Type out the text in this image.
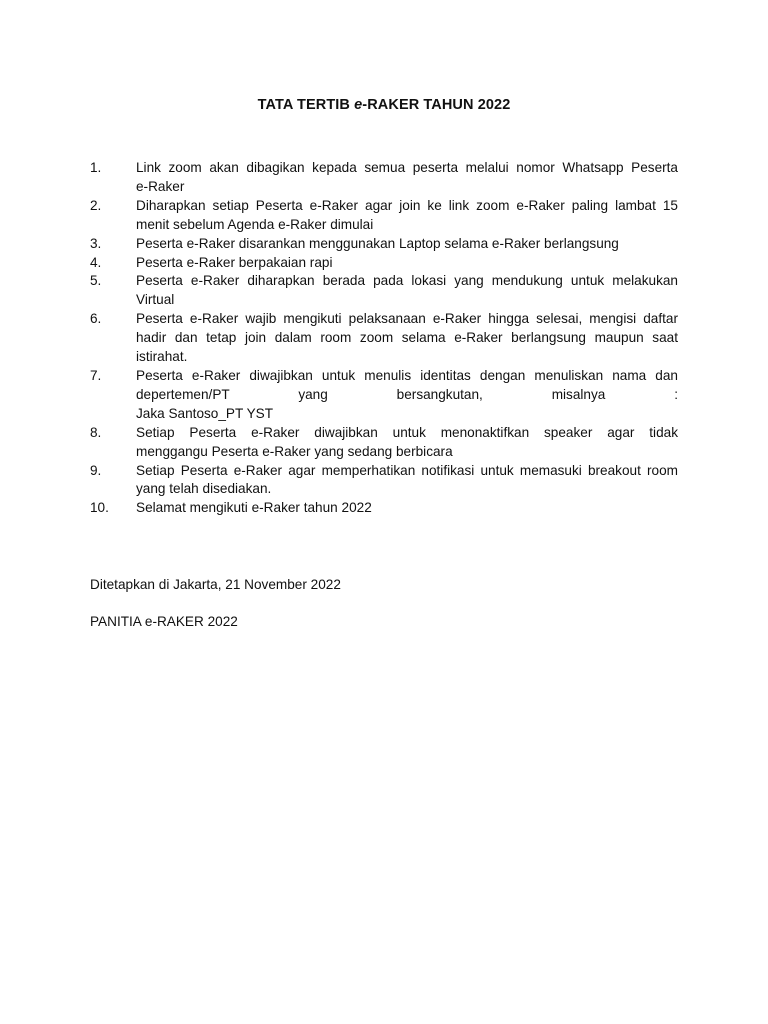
TATA TERTIB e-RAKER TAHUN 2022
1.	Link zoom akan dibagikan kepada semua peserta melalui nomor Whatsapp Peserta
e-Raker
2.	Diharapkan setiap Peserta e-Raker agar join ke link zoom e-Raker paling lambat 15
menit sebelum Agenda e-Raker dimulai
3.	Peserta e-Raker disarankan menggunakan Laptop selama e-Raker berlangsung
4.	Peserta e-Raker berpakaian rapi
5.	Peserta e-Raker diharapkan berada pada lokasi yang mendukung untuk melakukan
Virtual
6.	Peserta e-Raker wajib mengikuti pelaksanaan e-Raker hingga selesai, mengisi daftar
hadir dan tetap join dalam room zoom selama e-Raker berlangsung maupun saat
istirahat.
7.	Peserta e-Raker diwajibkan untuk menulis identitas dengan menuliskan nama dan
depertemen/PT yang bersangkutan, misalnya :
Jaka Santoso_PT YST
8.	Setiap Peserta e-Raker diwajibkan untuk menonaktifkan speaker agar tidak
menggangu Peserta e-Raker yang sedang berbicara
9.	Setiap Peserta e-Raker agar memperhatikan notifikasi untuk memasuki breakout room
yang telah disediakan.
10.	Selamat mengikuti e-Raker tahun 2022
Ditetapkan di Jakarta, 21 November 2022
PANITIA e-RAKER 2022
